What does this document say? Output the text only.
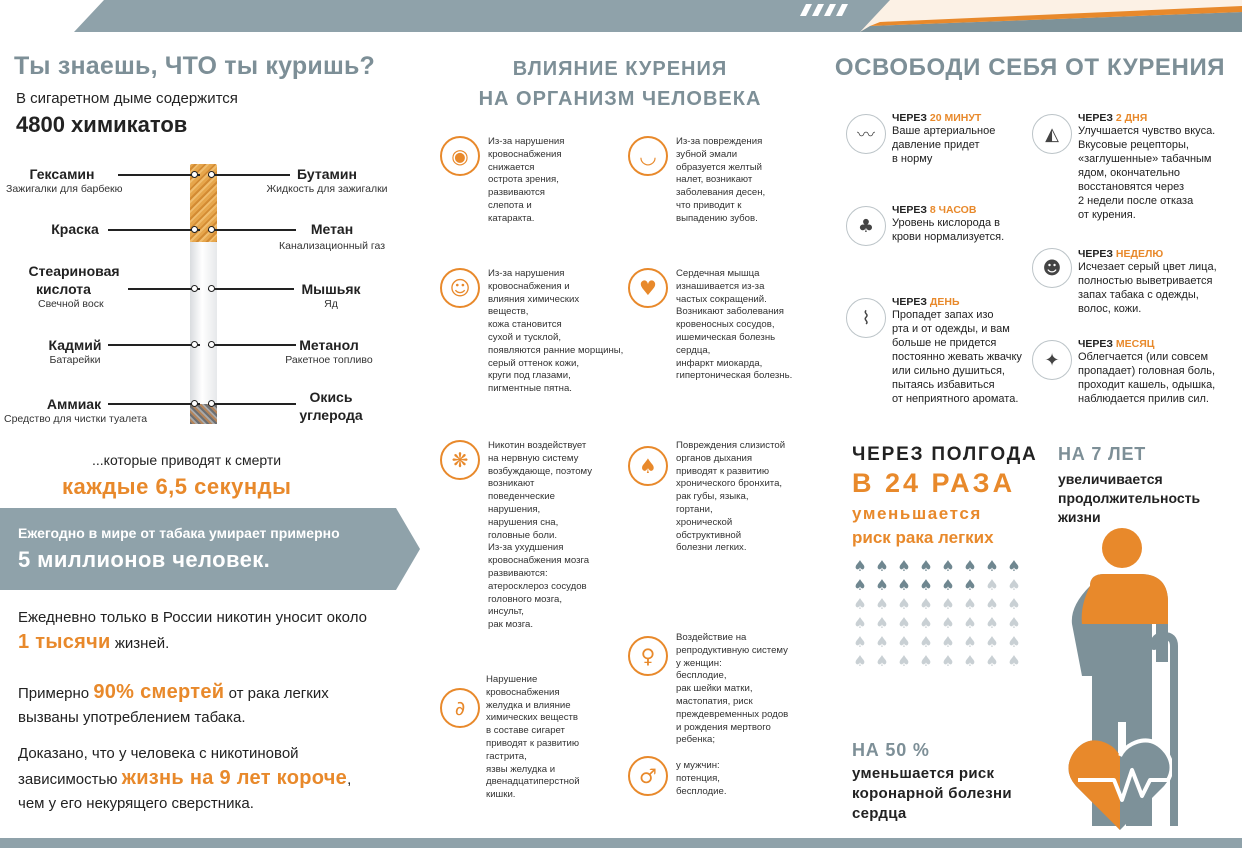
Ты знаешь, ЧТО ты куришь?
В сигаретном дыме содержится
4800 химикатов
Гексамин
Зажигалки для барбекю
Краска
Стеариновая
кислота
Свечной воск
Кадмий
Батарейки
Аммиак
Средство для чистки туалета
Бутамин
Жидкость для зажигалки
Метан
Канализационный газ
Мышьяк
Яд
Метанол
Ракетное топливо
Окись
углерода
...которые приводят к смерти
каждые 6,5 секунды
Ежегодно в мире от табака умирает примерно
5 миллионов человек.
Ежедневно только в России никотин уносит около
1 тысячи жизней.
Примерно 90% смертей от рака легких
вызваны употреблением табака.
Доказано, что у человека с никотиновой
зависимостью жизнь на 9 лет короче,
чем у его некурящего сверстника.
ВЛИЯНИЕ КУРЕНИЯ
НА ОРГАНИЗМ ЧЕЛОВЕКА
◉
Из-за нарушения
кровоснабжения
снижается
острота зрения,
развиваются
слепота и
катаракта.
◡
Из-за повреждения
зубной эмали
образуется желтый
налет, возникают
заболевания десен,
что приводит к
выпадению зубов.
☺
Из-за нарушения
кровоснабжения и
влияния химических
веществ,
кожа становится
сухой и тусклой,
появляются ранние морщины,
серый оттенок кожи,
круги под глазами,
пигментные пятна.
♥
Сердечная мышца
изнашивается из-за
частых сокращений.
Возникают заболевания
кровеносных сосудов,
ишемическая болезнь
сердца,
инфаркт миокарда,
гипертоническая болезнь.
❋
Никотин воздействует
на нервную систему
возбуждающе, поэтому
возникают
поведенческие
нарушения,
нарушения сна,
головные боли.
Из-за ухудшения
кровоснабжения мозга
развиваются:
атеросклероз сосудов
головного мозга,
инсульт,
рак мозга.
♠
Повреждения слизистой
органов дыхания
приводят к развитию
хронического бронхита,
рак губы, языка,
гортани,
хронической
обструктивной
болезни легких.
♀
Воздействие на
репродуктивную систему
у женщин:
бесплодие,
рак шейки матки,
мастопатия, риск
преждевременных родов
и рождения мертвого
ребенка;
∂
Нарушение
кровоснабжения
желудка и влияние
химических веществ
в составе сигарет
приводят к развитию
гастрита,
язвы желудка и
двенадцатиперстной
кишки.
♂ у мужчин:
потенция,
бесплодие.
ОСВОБОДИ СЕБЯ ОТ КУРЕНИЯ
〰
ЧЕРЕЗ 20 МИНУТ
Ваше артериальное
давление придет
в норму
♣
ЧЕРЕЗ 8 ЧАСОВ
Уровень кислорода в
крови нормализуется.
⌇
ЧЕРЕЗ ДЕНЬ
Пропадет запах изо
рта и от одежды, и вам
больше не придется
постоянно жевать жвачку
или сильно душиться,
пытаясь избавиться
от неприятного аромата.
◭
ЧЕРЕЗ 2 ДНЯ
Улучшается чувство вкуса.
Вкусовые рецепторы,
«заглушенные» табачным
ядом, окончательно
восстановятся через
2 недели после отказа
от курения.
☻
ЧЕРЕЗ НЕДЕЛЮ
Исчезает серый цвет лица,
полностью выветривается
запах табака с одежды,
волос, кожи.
✦
ЧЕРЕЗ МЕСЯЦ
Облегчается (или совсем
пропадает) головная боль,
проходит кашель, одышка,
наблюдается прилив сил.
ЧЕРЕЗ ПОЛГОДА
В 24 РАЗА
уменьшается
риск рака легких
♠ ♠ ♠ ♠ ♠ ♠ ♠ ♠♠ ♠ ♠ ♠ ♠ ♠ ♠ ♠♠ ♠ ♠ ♠ ♠ ♠ ♠ ♠♠ ♠ ♠ ♠ ♠ ♠ ♠ ♠♠ ♠ ♠ ♠ ♠ ♠ ♠ ♠♠ ♠ ♠ ♠ ♠ ♠ ♠ ♠
НА 7 ЛЕТ
увеличивается продолжительность жизни
НА 50 %
уменьшается риск
коронарной болезни
сердца
